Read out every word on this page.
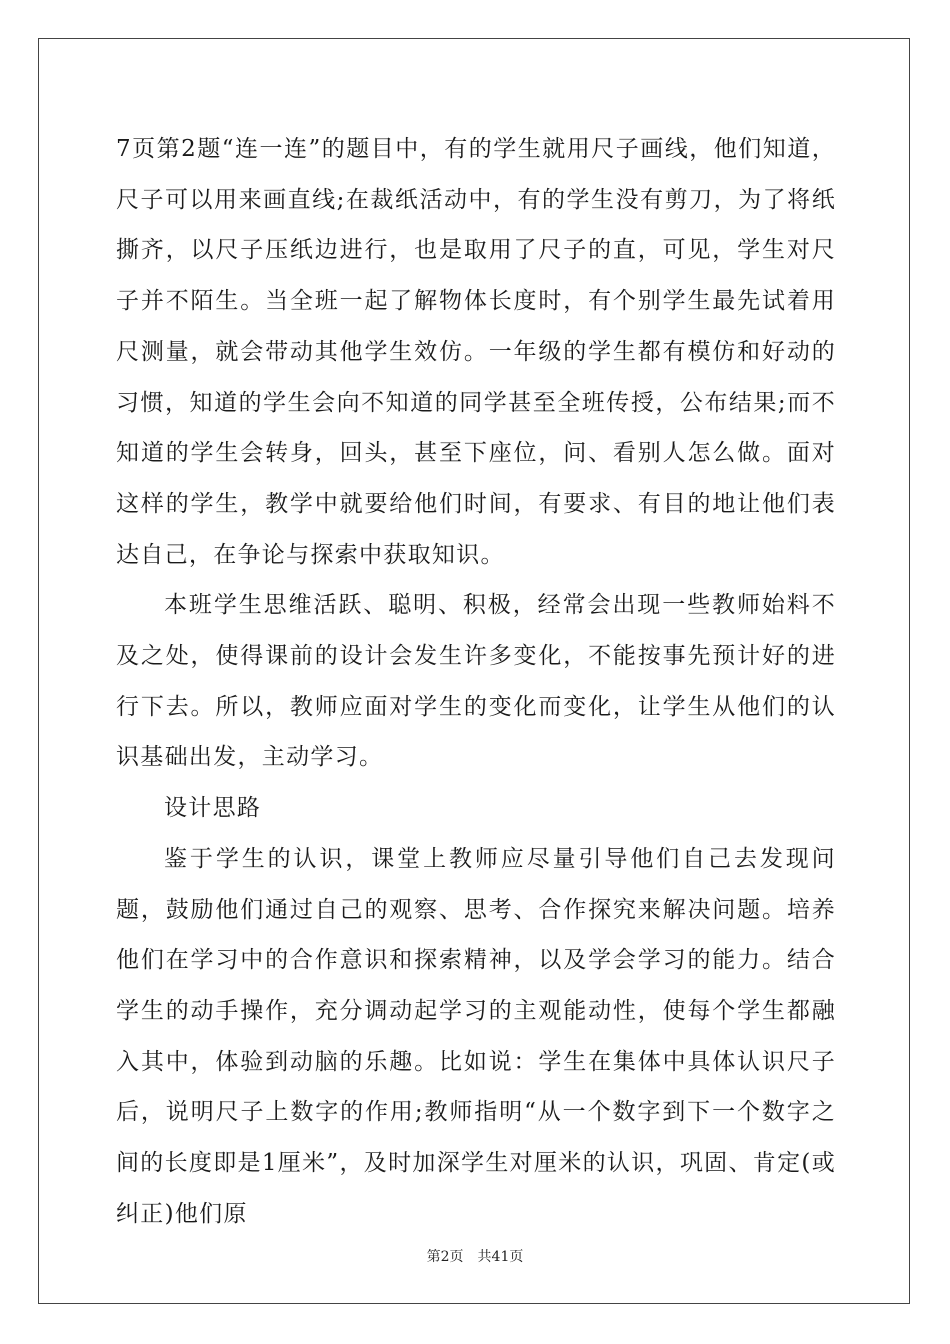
7页第2题“连一连”的题目中，有的学生就用尺子画线，他们知道，尺子可以用来画直线;在裁纸活动中，有的学生没有剪刀，为了将纸撕齐，以尺子压纸边进行，也是取用了尺子的直，可见，学生对尺子并不陌生。当全班一起了解物体长度时，有个别学生最先试着用尺测量，就会带动其他学生效仿。一年级的学生都有模仿和好动的习惯，知道的学生会向不知道的同学甚至全班传授，公布结果;而不知道的学生会转身，回头，甚至下座位，问、看别人怎么做。面对这样的学生，教学中就要给他们时间，有要求、有目的地让他们表达自己，在争论与探索中获取知识。

本班学生思维活跃、聪明、积极，经常会出现一些教师始料不及之处，使得课前的设计会发生许多变化，不能按事先预计好的进行下去。所以，教师应面对学生的变化而变化，让学生从他们的认识基础出发，主动学习。

设计思路

鉴于学生的认识，课堂上教师应尽量引导他们自己去发现问题，鼓励他们通过自己的观察、思考、合作探究来解决问题。培养他们在学习中的合作意识和探索精神，以及学会学习的能力。结合学生的动手操作，充分调动起学习的主观能动性，使每个学生都融入其中，体验到动脑的乐趣。比如说：学生在集体中具体认识尺子后，说明尺子上数字的作用;教师指明“从一个数字到下一个数字之间的长度即是1厘米”，及时加深学生对厘米的认识，巩固、肯定(或纠正)他们原

第2页 共41页
